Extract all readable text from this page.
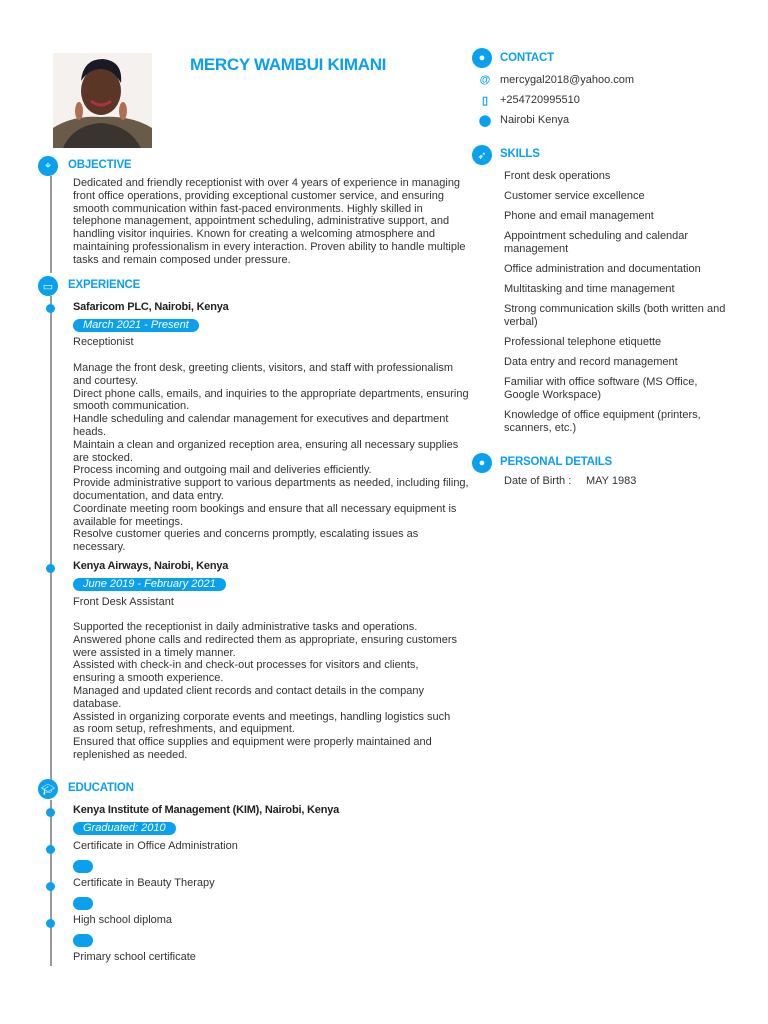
MERCY WAMBUI KIMANI
⌖	OBJECTIVE
Dedicated and friendly receptionist with over 4 years of experience in managing front office operations, providing exceptional customer service, and ensuring smooth communication within fast-paced environments. Highly skilled in telephone management, appointment scheduling, administrative support, and handling visitor inquiries. Known for creating a welcoming atmosphere and maintaining professionalism in every interaction. Proven ability to handle multiple tasks and remain composed under pressure.
▭	EXPERIENCE
Safaricom PLC, Nairobi, Kenya
March 2021 - Present
Receptionist
Manage the front desk, greeting clients, visitors, and staff with professionalism and courtesy.
Direct phone calls, emails, and inquiries to the appropriate departments, ensuring smooth communication.
Handle scheduling and calendar management for executives and department heads.
Maintain a clean and organized reception area, ensuring all necessary supplies are stocked.
Process incoming and outgoing mail and deliveries efficiently.
Provide administrative support to various departments as needed, including filing, documentation, and data entry.
Coordinate meeting room bookings and ensure that all necessary equipment is available for meetings.
Resolve customer queries and concerns promptly, escalating issues as necessary.
Kenya Airways, Nairobi, Kenya
June 2019 - February 2021
Front Desk Assistant
Supported the receptionist in daily administrative tasks and operations.
Answered phone calls and redirected them as appropriate, ensuring customers were assisted in a timely manner.
Assisted with check-in and check-out processes for visitors and clients, ensuring a smooth experience.
Managed and updated client records and contact details in the company database.
Assisted in organizing corporate events and meetings, handling logistics such as room setup, refreshments, and equipment.
Ensured that office supplies and equipment were properly maintained and replenished as needed.
🎓︎ EDUCATION
Kenya Institute of Management (KIM), Nairobi, Kenya
Graduated: 2010
Certificate in Office Administration
Certificate in Beauty Therapy
High school diploma
Primary school certificate
●	CONTACT
@ mercygal2018@yahoo.com
▯	+254720995510
⬤ Nairobi Kenya
➶	SKILLS
Front desk operations
Customer service excellence
Phone and email management
Appointment scheduling and calendar management
Office administration and documentation
Multitasking and time management
Strong communication skills (both written and verbal)
Professional telephone etiquette
Data entry and record management
Familiar with office software (MS Office, Google Workspace)
Knowledge of office equipment (printers, scanners, etc.)
●	PERSONAL DETAILS
Date of Birth : MAY 1983
